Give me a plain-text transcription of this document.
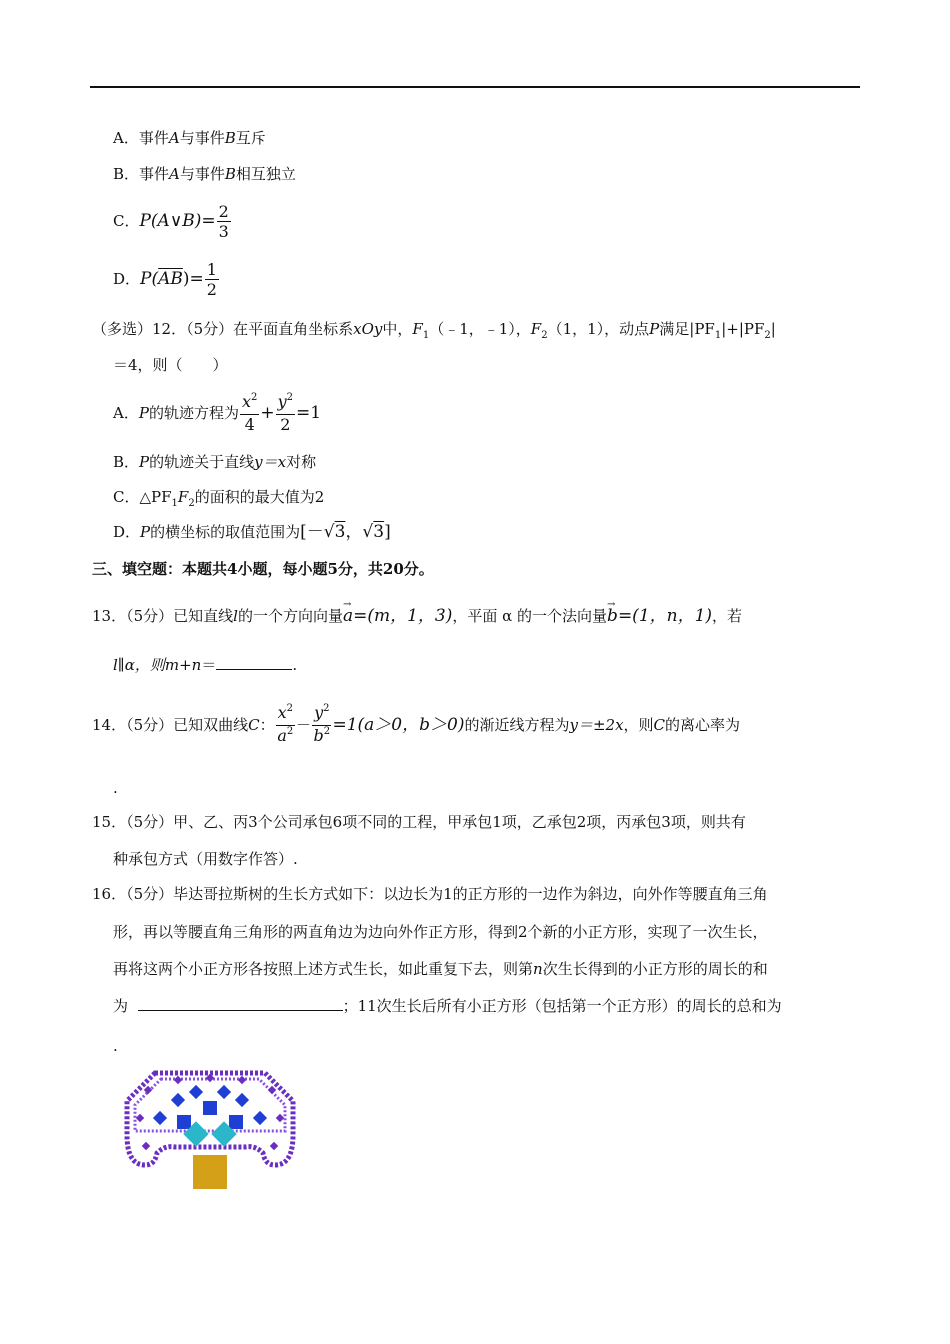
A．事件A与事件B互斥
B．事件A与事件B相互独立
C．P(A∨B)= $\frac{2}{3}$
D．$P(\overline{AB})= \frac{1}{2}$
（多选）12．（5分）在平面直角坐标系xOy中，$F_1(﹣1$，﹣1），$F_2(1$，1），动点P满足$|PF_1|+|PF_2|$
＝4，则（　　）
A．P的轨迹方程为 $\frac{x^2}{4} + \frac{y^2}{2} =1$
B．P的轨迹关于直线y＝x对称
C．$\triangle PF_1F_2$的面积的最大值为2
D．P的横坐标的取值范围为[－√3，√3]
三、填空题：本题共4小题，每小题5分，共20分。
13．（5分）已知直线l的一个方向向量→ a=(m，1，3)，平面 α 的一个法向量→ b=(1，n，1)，若
l∥α，则m+n＝	.
14．（5分）已知双曲线C： $\frac{x^2}{a^2} - \frac{y^2}{b^2} =1(a>0$，b＞0)的渐近线方程为y＝±2x，则C的离心率为
.
15．（5分）甲、乙、丙3个公司承包6项不同的工程，甲承包1项，乙承包2项，丙承包3项，则共有
种承包方式（用数字作答）.
16．（5分）毕达哥拉斯树的生长方式如下：以边长为1的正方形的一边作为斜边，向外作等腰直角三角
形，再以等腰直角三角形的两直角边为边向外作正方形，得到2个新的小正方形，实现了一次生长，
再将这两个小正方形各按照上述方式生长，如此重复下去，则第n次生长得到的小正方形的周长的和
为	；11次生长后所有小正方形（包括第一个正方形）的周长的总和为
.
